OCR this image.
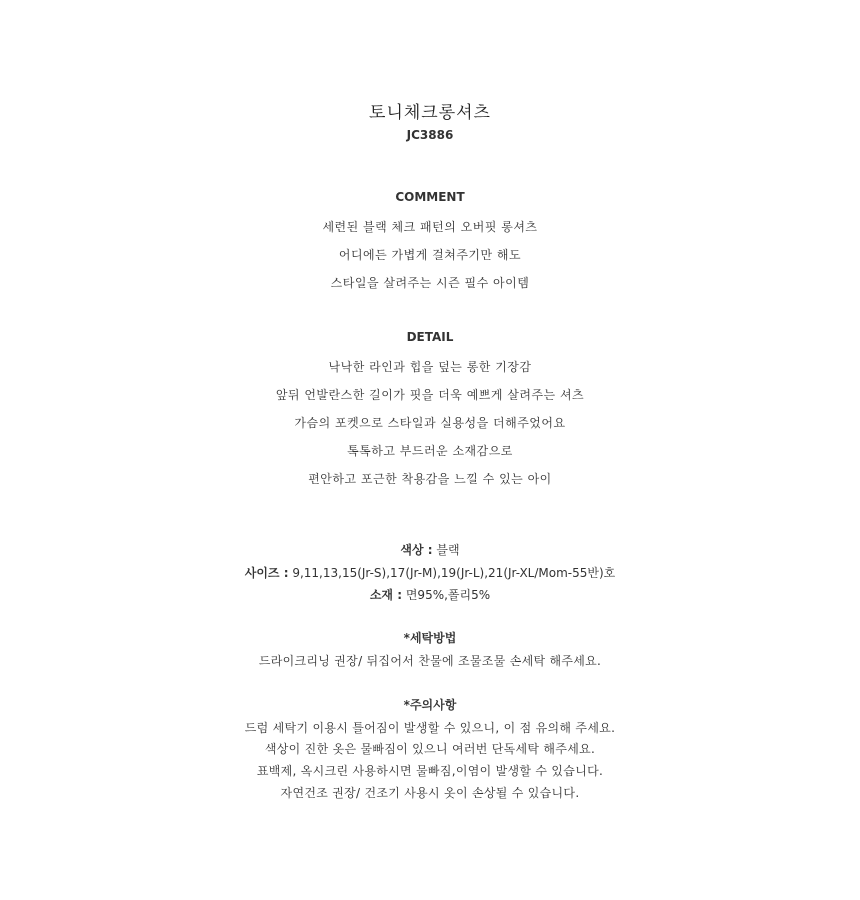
토니체크롱셔츠
JC3886
COMMENT
세련된 블랙 체크 패턴의 오버핏 롱셔츠
어디에든 가볍게 걸쳐주기만 해도
스타일을 살려주는 시즌 필수 아이템
DETAIL
낙낙한 라인과 힙을 덮는 롱한 기장감
앞뒤 언발란스한 길이가 핏을 더욱 예쁘게 살려주는 셔츠
가슴의 포켓으로 스타일과 실용성을 더해주었어요
톡톡하고 부드러운 소재감으로
편안하고 포근한 착용감을 느낄 수 있는 아이
색상 : 블랙
사이즈 : 9,11,13,15(Jr-S),17(Jr-M),19(Jr-L),21(Jr-XL/Mom-55반)호
소재 : 면95%,폴리5%
*세탁방법
드라이크리닝 권장/ 뒤집어서 찬물에 조물조물 손세탁 해주세요.
*주의사항
드럼 세탁기 이용시 틀어짐이 발생할 수 있으니, 이 점 유의해 주세요.
색상이 진한 옷은 물빠짐이 있으니 여러번 단독세탁 해주세요.
표백제, 옥시크린 사용하시면 물빠짐,이염이 발생할 수 있습니다.
자연건조 권장/ 건조기 사용시 옷이 손상될 수 있습니다.
